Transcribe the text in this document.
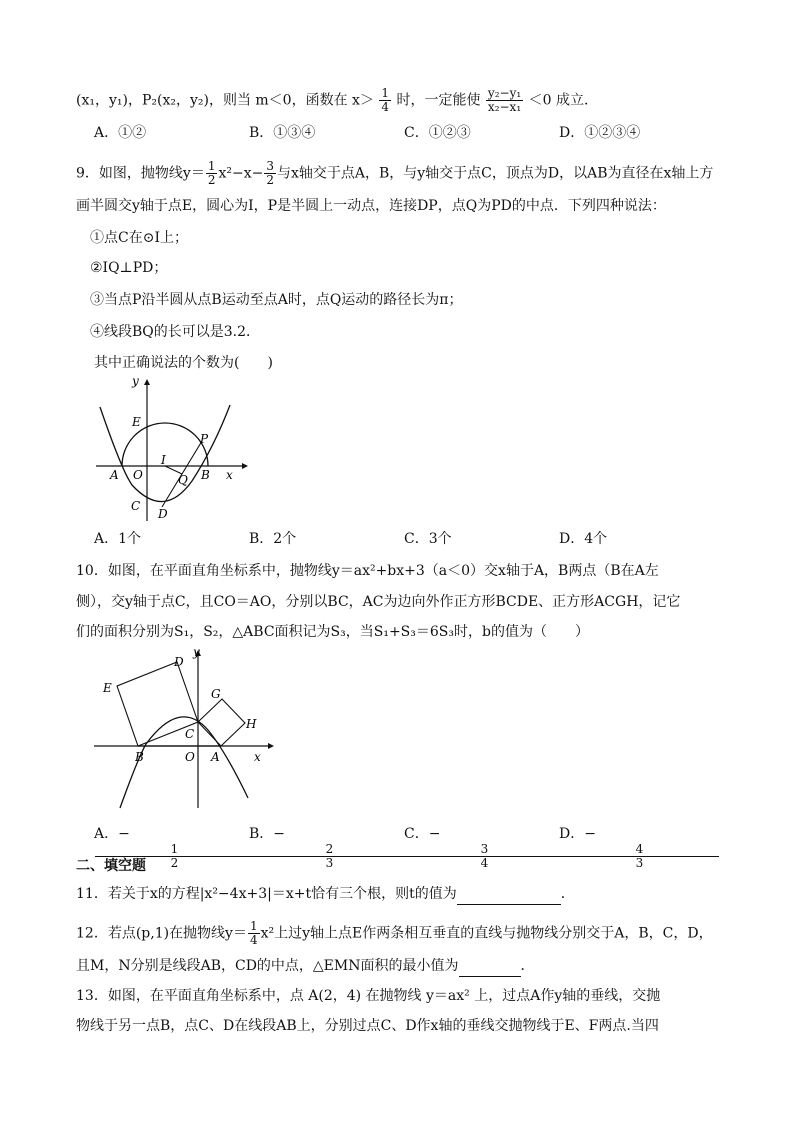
(x₁，y₁)，P₂(x₂，y₂)，则当 m＜0，函数在 $x> \frac{1}{4}$ 时，一定能使 $\frac{\text{y₂−y₁}}{\text{x₂−x₁}} <0$ 成立．
A．①②	B．①③④	C．①②③	D．①②③④
9．如图，抛物线$y= \frac{1}{2} x^2-x- \frac{3}{2}$ 与x轴交于点A，B，与y轴交于点C，顶点为D，以AB为直径在x轴上方
画半圆交y轴于点E，圆心为I，P是半圆上一动点，连接DP，点Q为PD的中点．下列四种说法：
①点C在⊙I上；
②IQ⊥PD；
③当点P沿半圆从点B运动至点A时，点Q运动的路径长为π；
④线段BQ的长可以是3.2．
其中正确说法的个数为(　　)
y
E
P
A O
I
Q B x
C
D
A．1个	B．2个	C．3个	D．4个
10．如图，在平面直角坐标系中，抛物线y＝ax²+bx+3（a＜0）交x轴于A，B两点（B在A左
侧），交y轴于点C，且CO＝AO，分别以BC，AC为边向外作正方形BCDE、正方形ACGH，记它
们的面积分别为S₁，S₂，△ABC面积记为S₃，当S₁+S₃＝6S₃时，b的值为（　　）
y
D
E	G
H
C
B	O A	x
A．−
$\frac{1}{2}$
B．−
$\frac{2}{3}$
C．−
$\frac{3}{4}$
D．−
$\frac{4}{3}$
二、填空题
11．若关于x的方程|x²−4x+3|＝x+t恰有三个根，则t的值为	．
12．若点(p,1)在抛物线$y= \frac{1}{4} x^2$上过y轴上点E作两条相互垂直的直线与抛物线分别交于A，B，C，D，
且M，N分别是线段AB，CD的中点，△EMN面积的最小值为	．
13．如图，在平面直角坐标系中，点 A(2，4) 在抛物线 y＝ax² 上，过点A作y轴的垂线，交抛
物线于另一点B，点C、D在线段AB上，分别过点C、D作x轴的垂线交抛物线于E、F两点.当四
